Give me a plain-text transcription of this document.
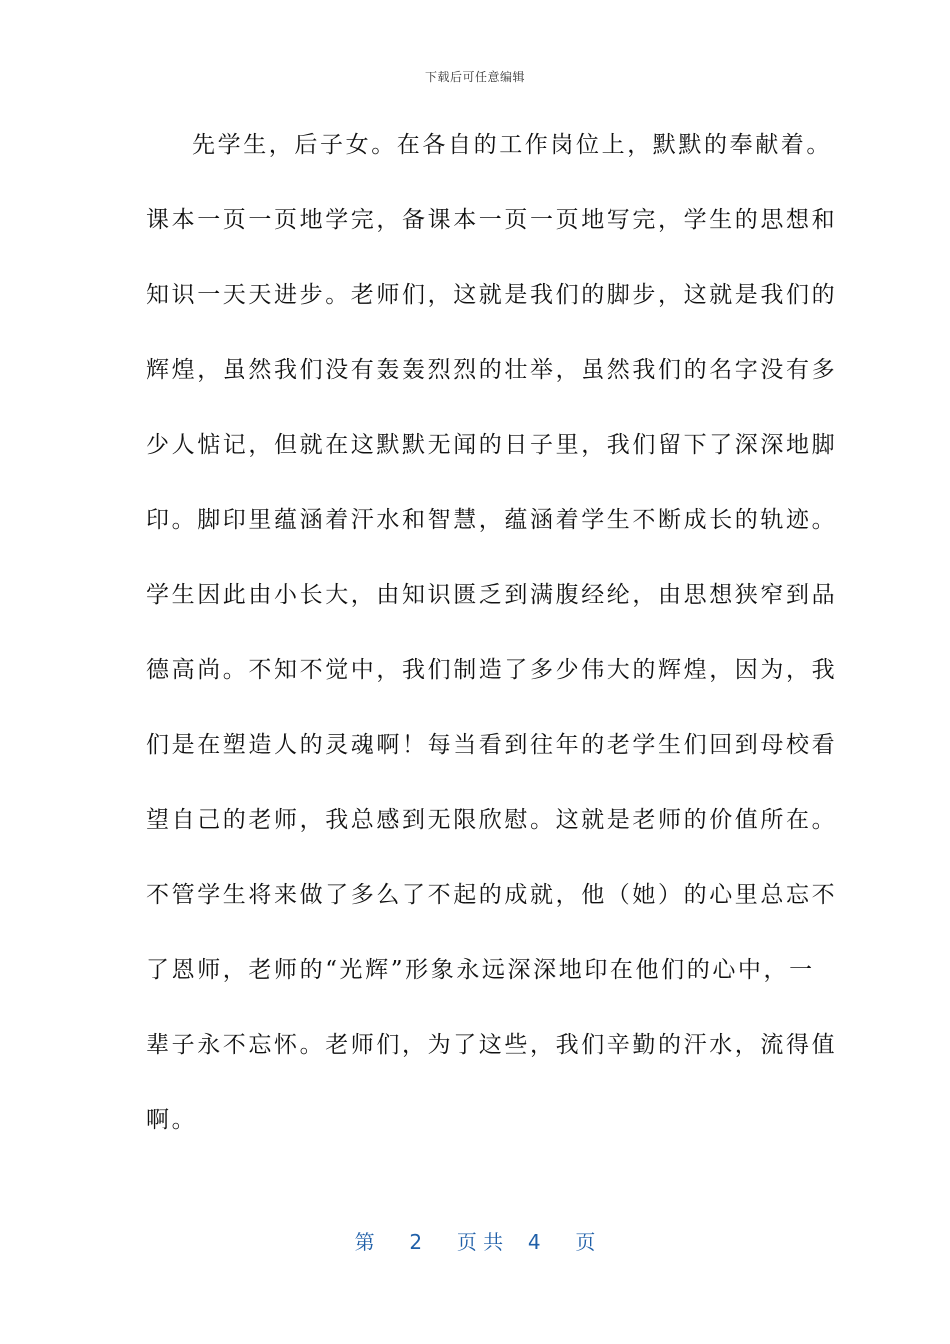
下载后可任意编辑
先学生，后子女。在各自的工作岗位上，默默的奉献着。
课本一页一页地学完，备课本一页一页地写完，学生的思想和
知识一天天进步。老师们，这就是我们的脚步，这就是我们的
辉煌，虽然我们没有轰轰烈烈的壮举，虽然我们的名字没有多
少人惦记，但就在这默默无闻的日子里，我们留下了深深地脚
印。脚印里蕴涵着汗水和智慧，蕴涵着学生不断成长的轨迹。
学生因此由小长大，由知识匮乏到满腹经纶，由思想狭窄到品
德高尚。不知不觉中，我们制造了多少伟大的辉煌，因为，我
们是在塑造人的灵魂啊！每当看到往年的老学生们回到母校看
望自己的老师，我总感到无限欣慰。这就是老师的价值所在。
不管学生将来做了多么了不起的成就，他（她）的心里总忘不
了恩师，老师的“光辉”形象永远深深地印在他们的心中，一
辈子永不忘怀。老师们，为了这些，我们辛勤的汗水，流得值
啊。
第 2 页 共 4 页
